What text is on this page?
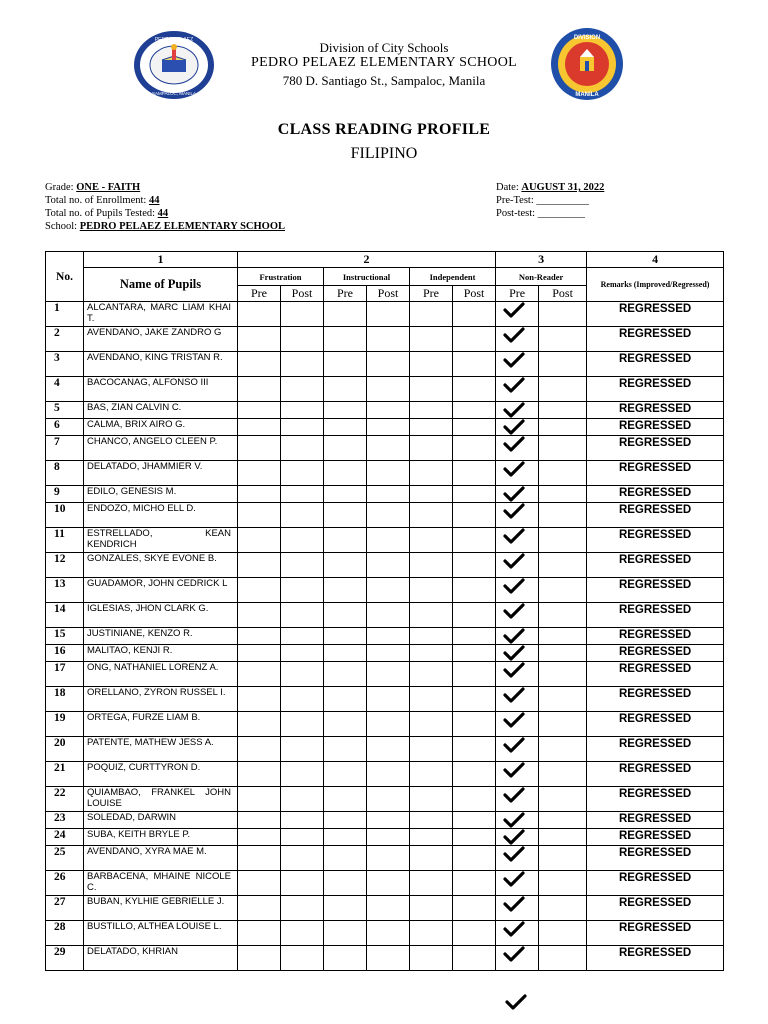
PEDRO PELAEZ
SAMPALOC, MANILA
DIVISION
MANILA
Division of City Schools
PEDRO PELAEZ ELEMENTARY SCHOOL
780 D. Santiago St., Sampaloc, Manila
CLASS READING PROFILE
FILIPINO
Grade: ONE - FAITH
Total no. of Enrollment: 44
Total no. of Pupils Tested: 44
School: PEDRO PELAEZ ELEMENTARY SCHOOL
Date: AUGUST 31, 2022
Pre-Test: __________
Post-test: _________
No.	1	2						3		4
	Name of Pupils	Frustration		Instructional		Independent		Non-Reader		Remarks (Improved/Regressed)
		Pre	Post	Pre	Post	Pre	Post	Pre	Post	
1	ALCANTARA, MARC LIAM KHAI T.									REGRESSED
2	AVENDANO, JAKE ZANDRO G									REGRESSED
3	AVENDANO, KING TRISTAN R.									REGRESSED
4	BACOCANAG, ALFONSO III									REGRESSED
5	BAS, ZIAN CALVIN C.									REGRESSED
6	CALMA, BRIX AIRO G.									REGRESSED
7	CHANCO, ANGELO CLEEN P.									REGRESSED
8	DELATADO, JHAMMIER V.									REGRESSED
9	EDILO, GENESIS M.									REGRESSED
10	ENDOZO, MICHO ELL D.									REGRESSED
11	ESTRELLADO, KEAN KENDRICH									REGRESSED
12	GONZALES, SKYE EVONE B.									REGRESSED
13	GUADAMOR, JOHN CEDRICK L									REGRESSED
14	IGLESIAS, JHON CLARK G.									REGRESSED
15	JUSTINIANE, KENZO R.									REGRESSED
16	MALITAO, KENJI R.									REGRESSED
17	ONG, NATHANIEL LORENZ A.									REGRESSED
18	ORELLANO, ZYRON RUSSEL I.									REGRESSED
19	ORTEGA, FURZE LIAM B.									REGRESSED
20	PATENTE, MATHEW JESS A.									REGRESSED
21	POQUIZ, CURTTYRON D.									REGRESSED
22	QUIAMBAO, FRANKEL JOHN LOUISE									REGRESSED
23	SOLEDAD, DARWIN									REGRESSED
24	SUBA, KEITH BRYLE P.									REGRESSED
25	AVENDANO, XYRA MAE M.									REGRESSED
26	BARBACENA, MHAINE NICOLE C.									REGRESSED
27	BUBAN, KYLHIE GEBRIELLE J.									REGRESSED
28	BUSTILLO, ALTHEA LOUISE L.									REGRESSED
29	DELATADO, KHRIAN									REGRESSED
